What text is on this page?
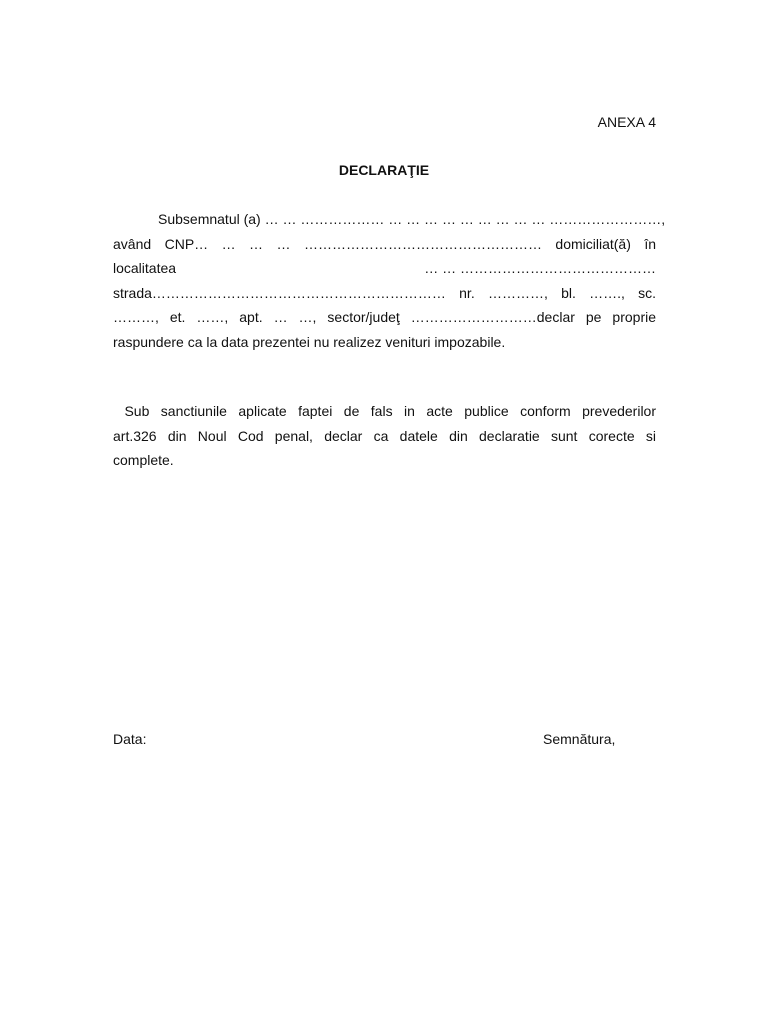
ANEXA 4
DECLARAŢIE
Subsemnatul (a) … … ……………… … … … … … … … … … ……………………,
având CNP… … … … …………………………………………… domiciliat(ă) în
localitatea	… … ……………………………………
strada……………………………………………………… nr. …………, bl. ……., sc.
………, et. ……, apt. … …, sector/judeţ ………………………declar pe proprie
raspundere ca la data prezentei nu realizez venituri impozabile.
Sub sanctiunile aplicate faptei de fals in acte publice conform prevederilor
art.326 din Noul Cod penal, declar ca datele din declaratie sunt corecte si
complete.
Data:	Semnătura,
